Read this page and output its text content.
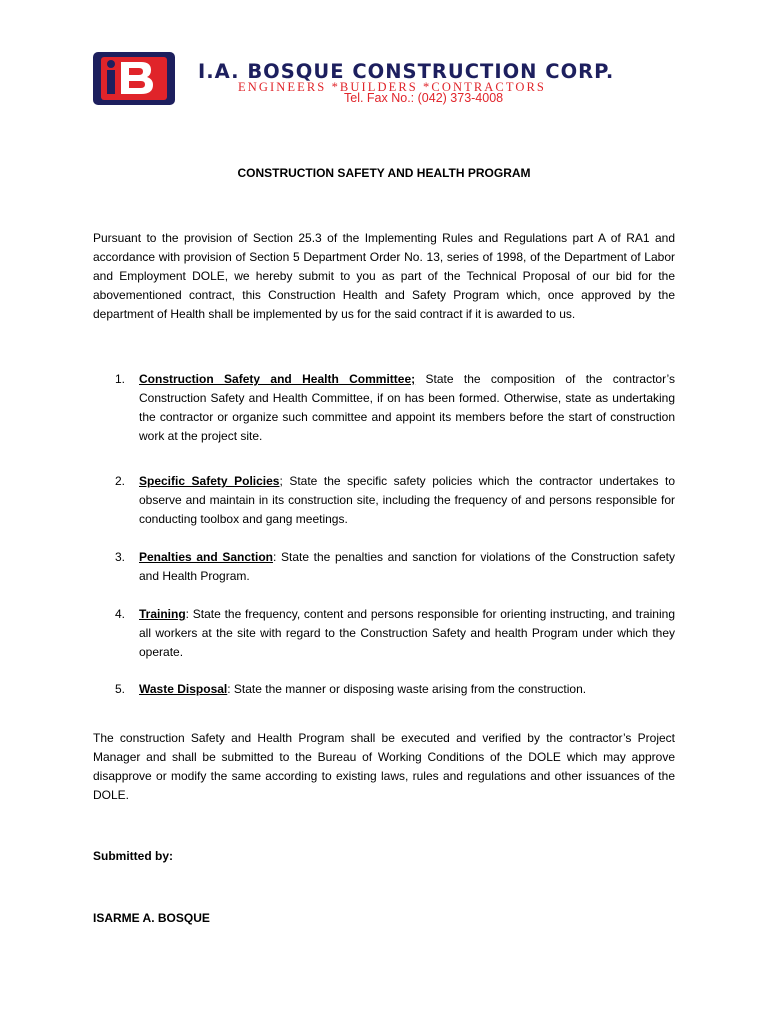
I.A. BOSQUE CONSTRUCTION CORP.
ENGINEERS *BUILDERS *CONTRACTORS
Tel. Fax No.: (042) 373-4008
CONSTRUCTION SAFETY AND HEALTH PROGRAM

Pursuant to the provision of Section 25.3 of the Implementing Rules and Regulations part A of RA1 and accordance with provision of Section 5 Department Order No. 13, series of 1998, of the Department of Labor and Employment DOLE, we hereby submit to you as part of the Technical Proposal of our bid for the abovementioned contract, this Construction Health and Safety Program which, once approved by the department of Health shall be implemented by us for the said contract if it is awarded to us.

1. Construction Safety and Health Committee; State the composition of the contractor’s Construction Safety and Health Committee, if on has been formed. Otherwise, state as undertaking the contractor or organize such committee and appoint its members before the start of construction work at the project site.
2. Specific Safety Policies; State the specific safety policies which the contractor undertakes to observe and maintain in its construction site, including the frequency of and persons responsible for conducting toolbox and gang meetings.
3. Penalties and Sanction: State the penalties and sanction for violations of the Construction safety and Health Program.
4. Training: State the frequency, content and persons responsible for orienting instructing, and training all workers at the site with regard to the Construction Safety and health Program under which they operate.
5. Waste Disposal: State the manner or disposing waste arising from the construction.

The construction Safety and Health Program shall be executed and verified by the contractor’s Project Manager and shall be submitted to the Bureau of Working Conditions of the DOLE which may approve disapprove or modify the same according to existing laws, rules and regulations and other issuances of the DOLE.

Submitted by:
ISARME A. BOSQUE
